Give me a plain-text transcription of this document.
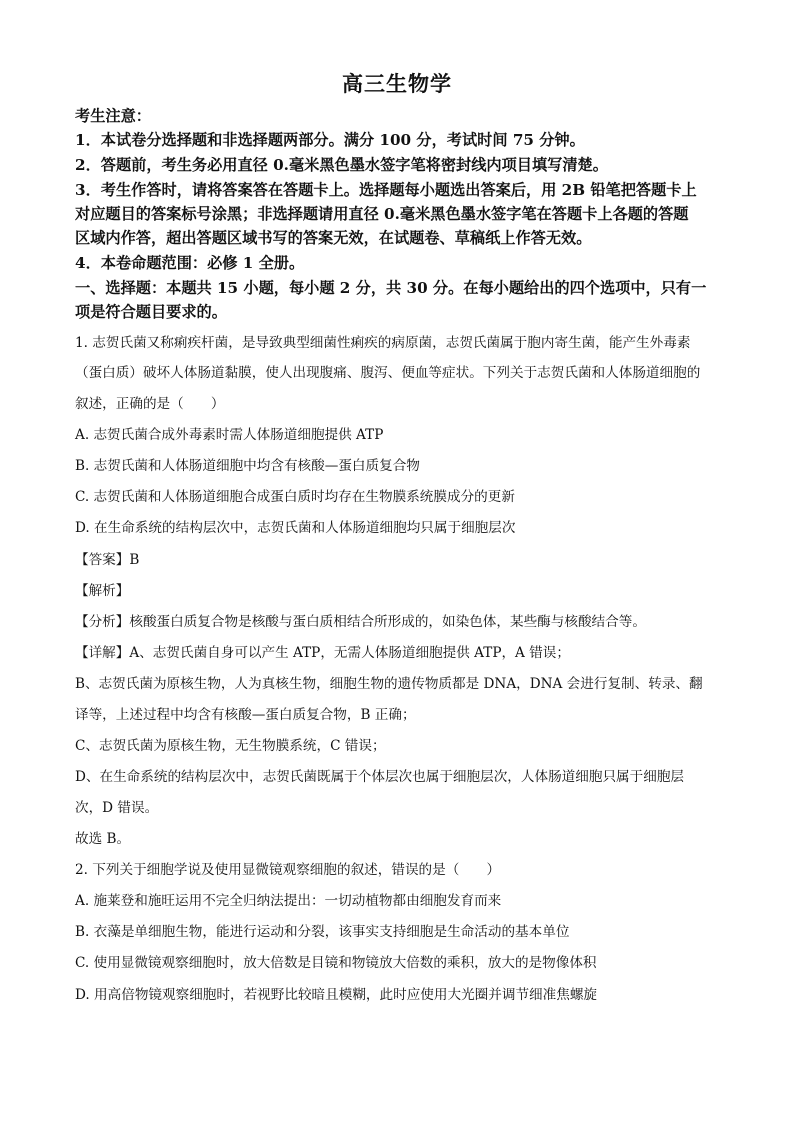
高三生物学
考生注意：
1．本试卷分选择题和非选择题两部分。满分 100 分，考试时间 75 分钟。
2．答题前，考生务必用直径 0.毫米黑色墨水签字笔将密封线内项目填写清楚。
3．考生作答时，请将答案答在答题卡上。选择题每小题选出答案后，用 2B 铅笔把答题卡上
对应题目的答案标号涂黑；非选择题请用直径 0.毫米黑色墨水签字笔在答题卡上各题的答题
区域内作答，超出答题区域书写的答案无效，在试题卷、草稿纸上作答无效。
4．本卷命题范围：必修 1 全册。
一、选择题：本题共 15 小题，每小题 2 分，共 30 分。在每小题给出的四个选项中，只有一
项是符合题目要求的。
1. 志贺氏菌又称痢疾杆菌，是导致典型细菌性痢疾的病原菌，志贺氏菌属于胞内寄生菌，能产生外毒素
（蛋白质）破坏人体肠道黏膜，使人出现腹痛、腹泻、便血等症状。下列关于志贺氏菌和人体肠道细胞的
叙述，正确的是（　　）
A. 志贺氏菌合成外毒素时需人体肠道细胞提供 ATP
B. 志贺氏菌和人体肠道细胞中均含有核酸—蛋白质复合物
C. 志贺氏菌和人体肠道细胞合成蛋白质时均存在生物膜系统膜成分的更新
D. 在生命系统的结构层次中，志贺氏菌和人体肠道细胞均只属于细胞层次
【答案】B
【解析】
【分析】核酸蛋白质复合物是核酸与蛋白质相结合所形成的，如染色体，某些酶与核酸结合等。
【详解】A、志贺氏菌自身可以产生 ATP，无需人体肠道细胞提供 ATP，A 错误；
B、志贺氏菌为原核生物，人为真核生物，细胞生物的遗传物质都是 DNA，DNA 会进行复制、转录、翻
译等，上述过程中均含有核酸—蛋白质复合物，B 正确；
C、志贺氏菌为原核生物，无生物膜系统，C 错误；
D、在生命系统的结构层次中，志贺氏菌既属于个体层次也属于细胞层次，人体肠道细胞只属于细胞层
次，D 错误。
故选 B。
2. 下列关于细胞学说及使用显微镜观察细胞的叙述，错误的是（　　）
A. 施莱登和施旺运用不完全归纳法提出：一切动植物都由细胞发育而来
B. 衣藻是单细胞生物，能进行运动和分裂，该事实支持细胞是生命活动的基本单位
C. 使用显微镜观察细胞时，放大倍数是目镜和物镜放大倍数的乘积，放大的是物像体积
D. 用高倍物镜观察细胞时，若视野比较暗且模糊，此时应使用大光圈并调节细准焦螺旋
